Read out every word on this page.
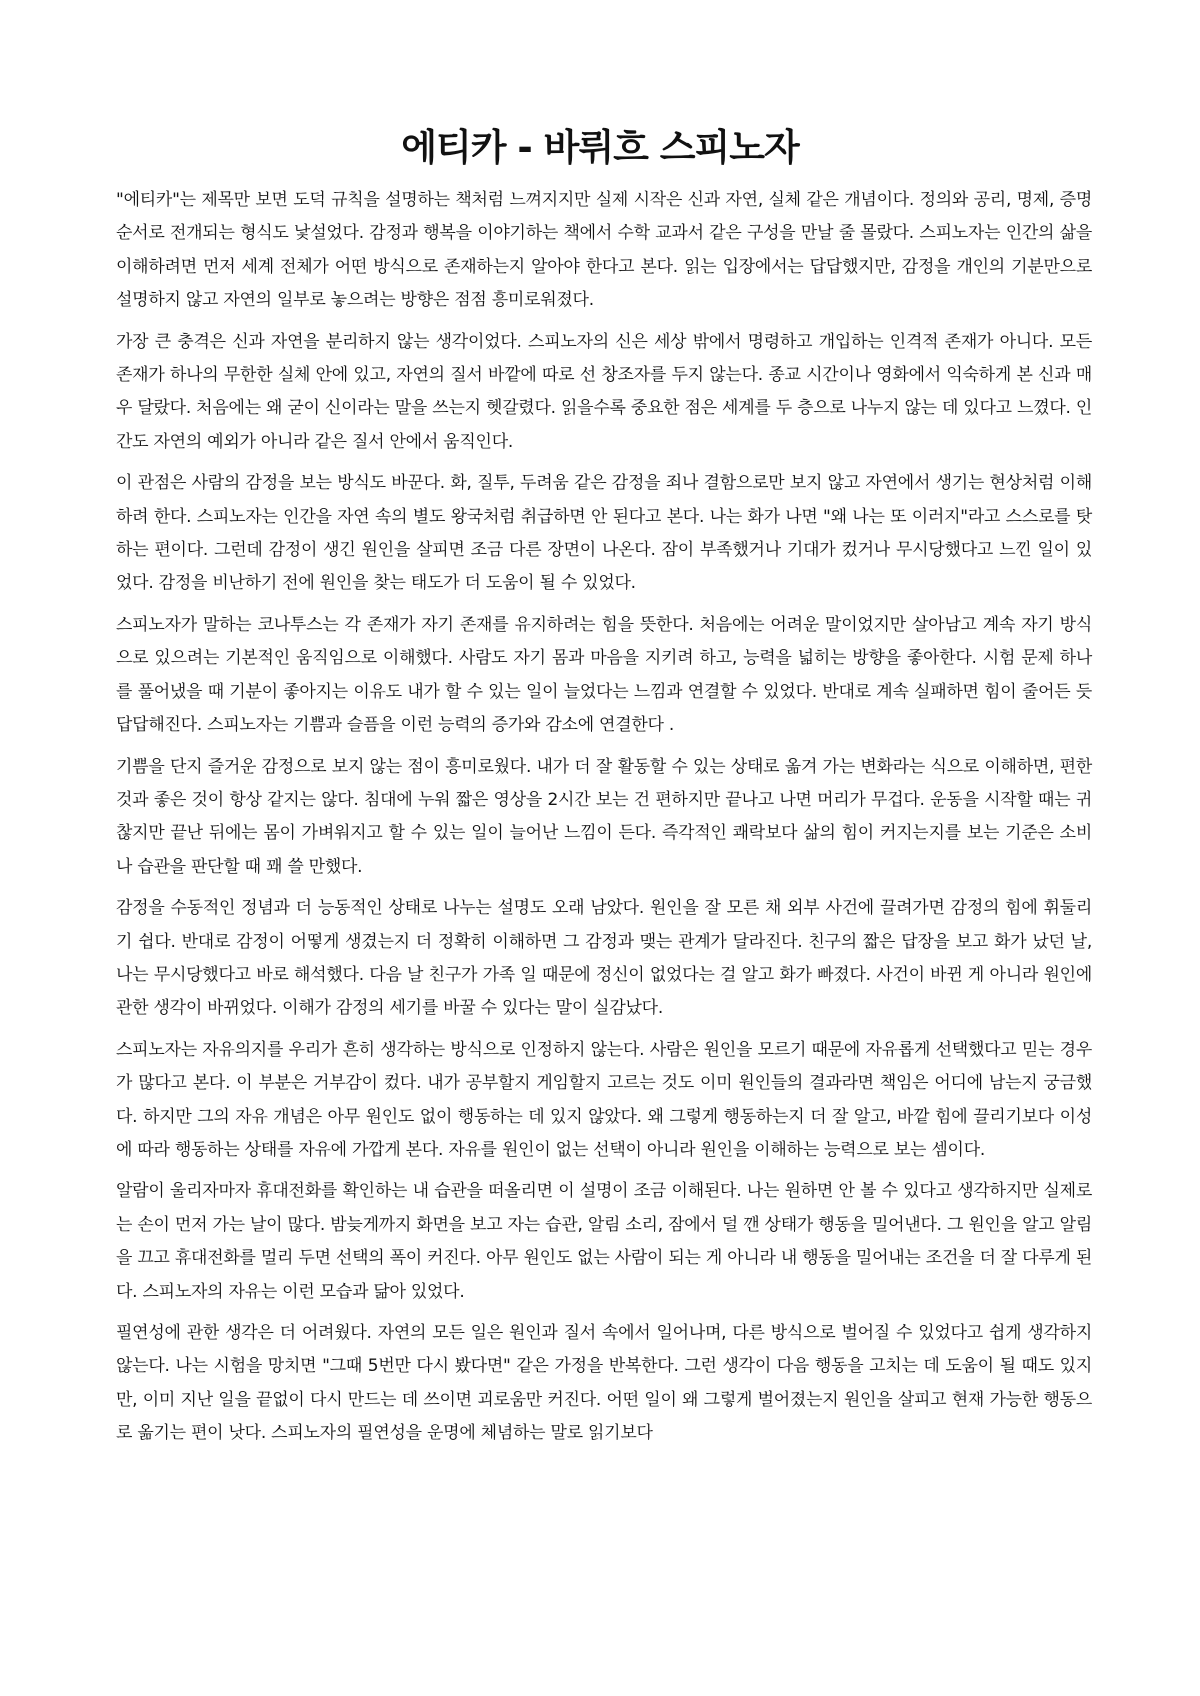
에티카 - 바뤼흐 스피노자

"에티카"는 제목만 보면 도덕 규칙을 설명하는 책처럼 느껴지지만 실제 시작은 신과 자연, 실체 같은 개념이다. 정의와 공리, 명제, 증명 순서로 전개되는 형식도 낯설었다. 감정과 행복을 이야기하는 책에서 수학 교과서 같은 구성을 만날 줄 몰랐다. 스피노자는 인간의 삶을 이해하려면 먼저 세계 전체가 어떤 방식으로 존재하는지 알아야 한다고 본다. 읽는 입장에서는 답답했지만, 감정을 개인의 기분만으로 설명하지 않고 자연의 일부로 놓으려는 방향은 점점 흥미로워졌다.

가장 큰 충격은 신과 자연을 분리하지 않는 생각이었다. 스피노자의 신은 세상 밖에서 명령하고 개입하는 인격적 존재가 아니다. 모든 존재가 하나의 무한한 실체 안에 있고, 자연의 질서 바깥에 따로 선 창조자를 두지 않는다. 종교 시간이나 영화에서 익숙하게 본 신과 매우 달랐다. 처음에는 왜 굳이 신이라는 말을 쓰는지 헷갈렸다. 읽을수록 중요한 점은 세계를 두 층으로 나누지 않는 데 있다고 느꼈다. 인간도 자연의 예외가 아니라 같은 질서 안에서 움직인다.

이 관점은 사람의 감정을 보는 방식도 바꾼다. 화, 질투, 두려움 같은 감정을 죄나 결함으로만 보지 않고 자연에서 생기는 현상처럼 이해하려 한다. 스피노자는 인간을 자연 속의 별도 왕국처럼 취급하면 안 된다고 본다. 나는 화가 나면 "왜 나는 또 이러지"라고 스스로를 탓하는 편이다. 그런데 감정이 생긴 원인을 살피면 조금 다른 장면이 나온다. 잠이 부족했거나 기대가 컸거나 무시당했다고 느낀 일이 있었다. 감정을 비난하기 전에 원인을 찾는 태도가 더 도움이 될 수 있었다.

스피노자가 말하는 코나투스는 각 존재가 자기 존재를 유지하려는 힘을 뜻한다. 처음에는 어려운 말이었지만 살아남고 계속 자기 방식으로 있으려는 기본적인 움직임으로 이해했다. 사람도 자기 몸과 마음을 지키려 하고, 능력을 넓히는 방향을 좋아한다. 시험 문제 하나를 풀어냈을 때 기분이 좋아지는 이유도 내가 할 수 있는 일이 늘었다는 느낌과 연결할 수 있었다. 반대로 계속 실패하면 힘이 줄어든 듯 답답해진다. 스피노자는 기쁨과 슬픔을 이런 능력의 증가와 감소에 연결한다 .

기쁨을 단지 즐거운 감정으로 보지 않는 점이 흥미로웠다. 내가 더 잘 활동할 수 있는 상태로 옮겨 가는 변화라는 식으로 이해하면, 편한 것과 좋은 것이 항상 같지는 않다. 침대에 누워 짧은 영상을 2시간 보는 건 편하지만 끝나고 나면 머리가 무겁다. 운동을 시작할 때는 귀찮지만 끝난 뒤에는 몸이 가벼워지고 할 수 있는 일이 늘어난 느낌이 든다. 즉각적인 쾌락보다 삶의 힘이 커지는지를 보는 기준은 소비나 습관을 판단할 때 꽤 쓸 만했다.

감정을 수동적인 정념과 더 능동적인 상태로 나누는 설명도 오래 남았다. 원인을 잘 모른 채 외부 사건에 끌려가면 감정의 힘에 휘둘리기 쉽다. 반대로 감정이 어떻게 생겼는지 더 정확히 이해하면 그 감정과 맺는 관계가 달라진다. 친구의 짧은 답장을 보고 화가 났던 날, 나는 무시당했다고 바로 해석했다. 다음 날 친구가 가족 일 때문에 정신이 없었다는 걸 알고 화가 빠졌다. 사건이 바뀐 게 아니라 원인에 관한 생각이 바뀌었다. 이해가 감정의 세기를 바꿀 수 있다는 말이 실감났다.

스피노자는 자유의지를 우리가 흔히 생각하는 방식으로 인정하지 않는다. 사람은 원인을 모르기 때문에 자유롭게 선택했다고 믿는 경우가 많다고 본다. 이 부분은 거부감이 컸다. 내가 공부할지 게임할지 고르는 것도 이미 원인들의 결과라면 책임은 어디에 남는지 궁금했다. 하지만 그의 자유 개념은 아무 원인도 없이 행동하는 데 있지 않았다. 왜 그렇게 행동하는지 더 잘 알고, 바깥 힘에 끌리기보다 이성에 따라 행동하는 상태를 자유에 가깝게 본다. 자유를 원인이 없는 선택이 아니라 원인을 이해하는 능력으로 보는 셈이다.

알람이 울리자마자 휴대전화를 확인하는 내 습관을 떠올리면 이 설명이 조금 이해된다. 나는 원하면 안 볼 수 있다고 생각하지만 실제로는 손이 먼저 가는 날이 많다. 밤늦게까지 화면을 보고 자는 습관, 알림 소리, 잠에서 덜 깬 상태가 행동을 밀어낸다. 그 원인을 알고 알림을 끄고 휴대전화를 멀리 두면 선택의 폭이 커진다. 아무 원인도 없는 사람이 되는 게 아니라 내 행동을 밀어내는 조건을 더 잘 다루게 된다. 스피노자의 자유는 이런 모습과 닮아 있었다.

필연성에 관한 생각은 더 어려웠다. 자연의 모든 일은 원인과 질서 속에서 일어나며, 다른 방식으로 벌어질 수 있었다고 쉽게 생각하지 않는다. 나는 시험을 망치면 "그때 5번만 다시 봤다면" 같은 가정을 반복한다. 그런 생각이 다음 행동을 고치는 데 도움이 될 때도 있지만, 이미 지난 일을 끝없이 다시 만드는 데 쓰이면 괴로움만 커진다. 어떤 일이 왜 그렇게 벌어졌는지 원인을 살피고 현재 가능한 행동으로 옮기는 편이 낫다. 스피노자의 필연성을 운명에 체념하는 말로 읽기보다
